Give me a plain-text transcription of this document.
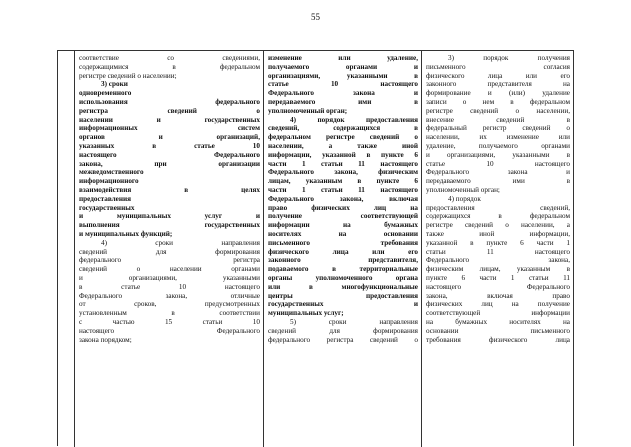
55
соответствие со сведениями,
содержащимися в федеральном
регистре сведений о населении;
3) сроки
одновременного
использования федерального
регистра сведений о
населении и государственных
информационных систем
органов и организаций,
указанных в статье 10
настоящего Федерального
закона, при организации
межведомственного
информационного
взаимодействия в целях
предоставления
государственных
и муниципальных услуг и
выполнения государственных
и муниципальных функций;
4) сроки направления
сведений для формирования
федерального регистра
сведений о населении органами
и организациями, указанными
в статье 10 настоящего
Федерального закона, отличные
от сроков, предусмотренных
установленным в соответствии
с частью 15 статьи 10
настоящего Федерального
закона порядком;
изменение или удаление,
получаемого органами и
организациями, указанными в
статье 10 настоящего
Федерального закона и
передаваемого ими в
уполномоченный орган;
4) порядок предоставления
сведений, содержащихся в
федеральном регистре сведений о
населении, а также иной
информации, указанной в пункте 6
части 1 статьи 11 настоящего
Федерального закона, физическим
лицам, указанным в пункте 6
части 1 статьи 11 настоящего
Федерального закона, включая
право физических лиц на
получение соответствующей
информации на бумажных
носителях на основании
письменного требования
физического лица или его
законного представителя,
подаваемого в территориальные
органы уполномоченного органа
или в многофункциональные
центры предоставления
государственных и
муниципальных услуг;
5) сроки направления
сведений для формирования
федерального регистра сведений о
3) порядок получения
письменного согласия
физического лица или его
законного представителя на
формирование и (или) удаление
записи о нем в федеральном
регистре сведений о населении,
внесение сведений в
федеральный регистр сведений о
населении, их изменение или
удаление, получаемого органами
и организациями, указанными в
статье 10 настоящего
Федерального закона и
передаваемого ими в
уполномоченный орган;
4) порядок
предоставления сведений,
содержащихся в федеральном
регистре сведений о населении, а
также иной информации,
указанной в пункте 6 части 1
статьи 11 настоящего
Федерального закона,
физическим лицам, указанным в
пункте 6 части 1 статьи 11
настоящего Федерального
закона, включая право
физических лиц на получение
соответствующей информации
на бумажных носителях на
основании письменного
требования физического лица
